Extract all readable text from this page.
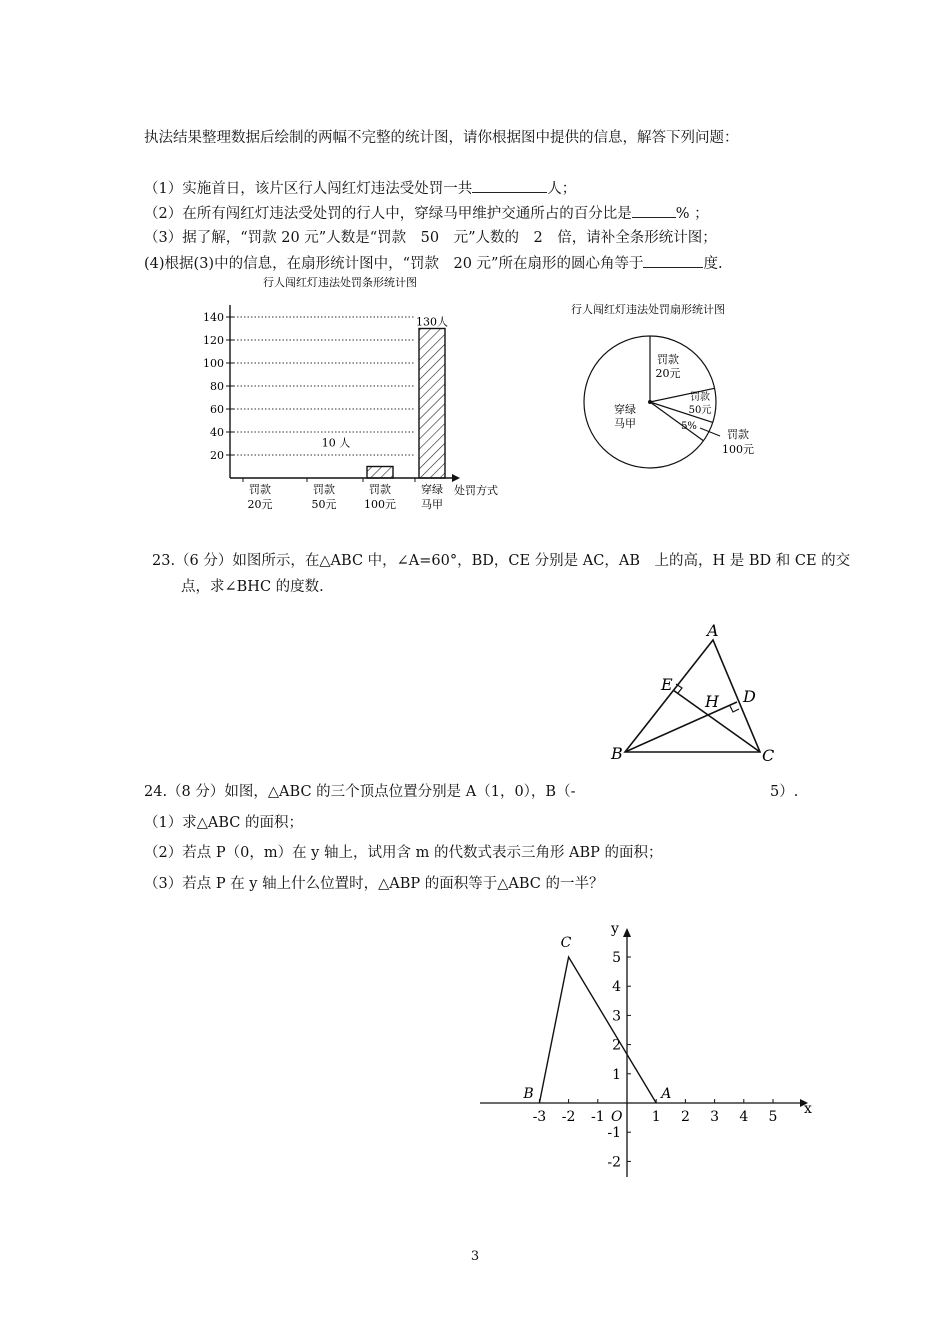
执法结果整理数据后绘制的两幅不完整的统计图，请你根据图中提供的信息，解答下列问题：
（1）实施首日，该片区行人闯红灯违法受处罚一共	人；
（2）在所有闯红灯违法受处罚的行人中，穿绿马甲维护交通所占的百分比是	% ；
（3）据了解，“罚款 20 元”人数是“罚款　50　元”人数的　2　倍，请补全条形统计图；
(4)根据(3)中的信息，在扇形统计图中，“罚款　20 元”所在扇形的圆心角等于	度.
行人闯红灯违法处罚条形统计图
20
40
60
80
100
120
140
罚款
20元
罚款
50元
10 人
罚款
100元
130人
穿绿
马甲
处罚方式
行人闯红灯违法处罚扇形统计图
罚款
20元
罚款
50元
5%
罚款
100元
穿绿
马甲
23.（6 分）如图所示，在△ABC 中，∠A=60°，BD，CE 分别是 AC，AB　上的高，H 是 BD 和 CE 的交
点，求∠BHC 的度数.
A
B	C
D
E
H
24.（8 分）如图，△ABC 的三个顶点位置分别是 A（1，0），B（-	5）.
（1）求△ABC 的面积；
（2）若点 P（0，m）在 y 轴上，试用含 m 的代数式表示三角形 ABP 的面积；
（3）若点 P 在 y 轴上什么位置时，△ABP 的面积等于△ABC 的一半？
x
y
O
-3 -2 -1	1 2 3 4 5
5
4
3
2
1
-1
-2
A
B
C
3
